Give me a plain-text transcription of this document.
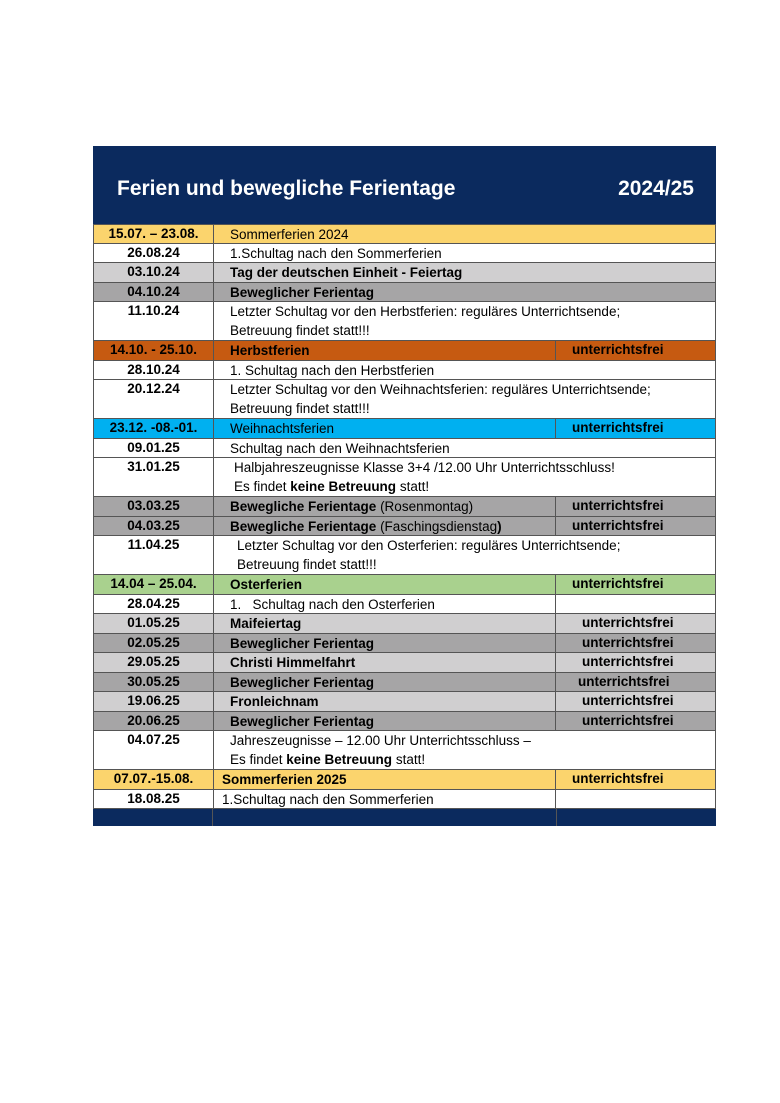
Ferien und bewegliche Ferientage	2024/25
15.07. – 23.08.	Sommerferien 2024
26.08.24	1.Schultag nach den Sommerferien
03.10.24	Tag der deutschen Einheit - Feiertag
04.10.24	Beweglicher Ferientag
11.10.24	Letzter Schultag vor den Herbstferien: reguläres Unterrichtsende;
Betreuung findet statt!!!
14.10. - 25.10.	Herbstferien	unterrichtsfrei
28.10.24	1. Schultag nach den Herbstferien
20.12.24	Letzter Schultag vor den Weihnachtsferien: reguläres Unterrichtsende;
Betreuung findet statt!!!
23.12. -08.-01.	Weihnachtsferien	unterrichtsfrei
09.01.25	Schultag nach den Weihnachtsferien
31.01.25	Halbjahreszeugnisse Klasse 3+4 /12.00 Uhr Unterrichtsschluss!
Es findet keine Betreuung statt!
03.03.25	Bewegliche Ferientage (Rosenmontag)	unterrichtsfrei
04.03.25	Bewegliche Ferientage (Faschingsdienstag)	unterrichtsfrei
11.04.25	Letzter Schultag vor den Osterferien: reguläres Unterrichtsende;
Betreuung findet statt!!!
14.04 – 25.04.	Osterferien	unterrichtsfrei
28.04.25	1.   Schultag nach den Osterferien
01.05.25	Maifeiertag	unterrichtsfrei
02.05.25	Beweglicher Ferientag	unterrichtsfrei
29.05.25	Christi Himmelfahrt	unterrichtsfrei
30.05.25	Beweglicher Ferientag	unterrichtsfrei
19.06.25	Fronleichnam	unterrichtsfrei
20.06.25	Beweglicher Ferientag	unterrichtsfrei
04.07.25	Jahreszeugnisse – 12.00 Uhr Unterrichtsschluss –
Es findet keine Betreuung statt!
07.07.-15.08.	Sommerferien 2025	unterrichtsfrei
18.08.25	1.Schultag nach den Sommerferien
